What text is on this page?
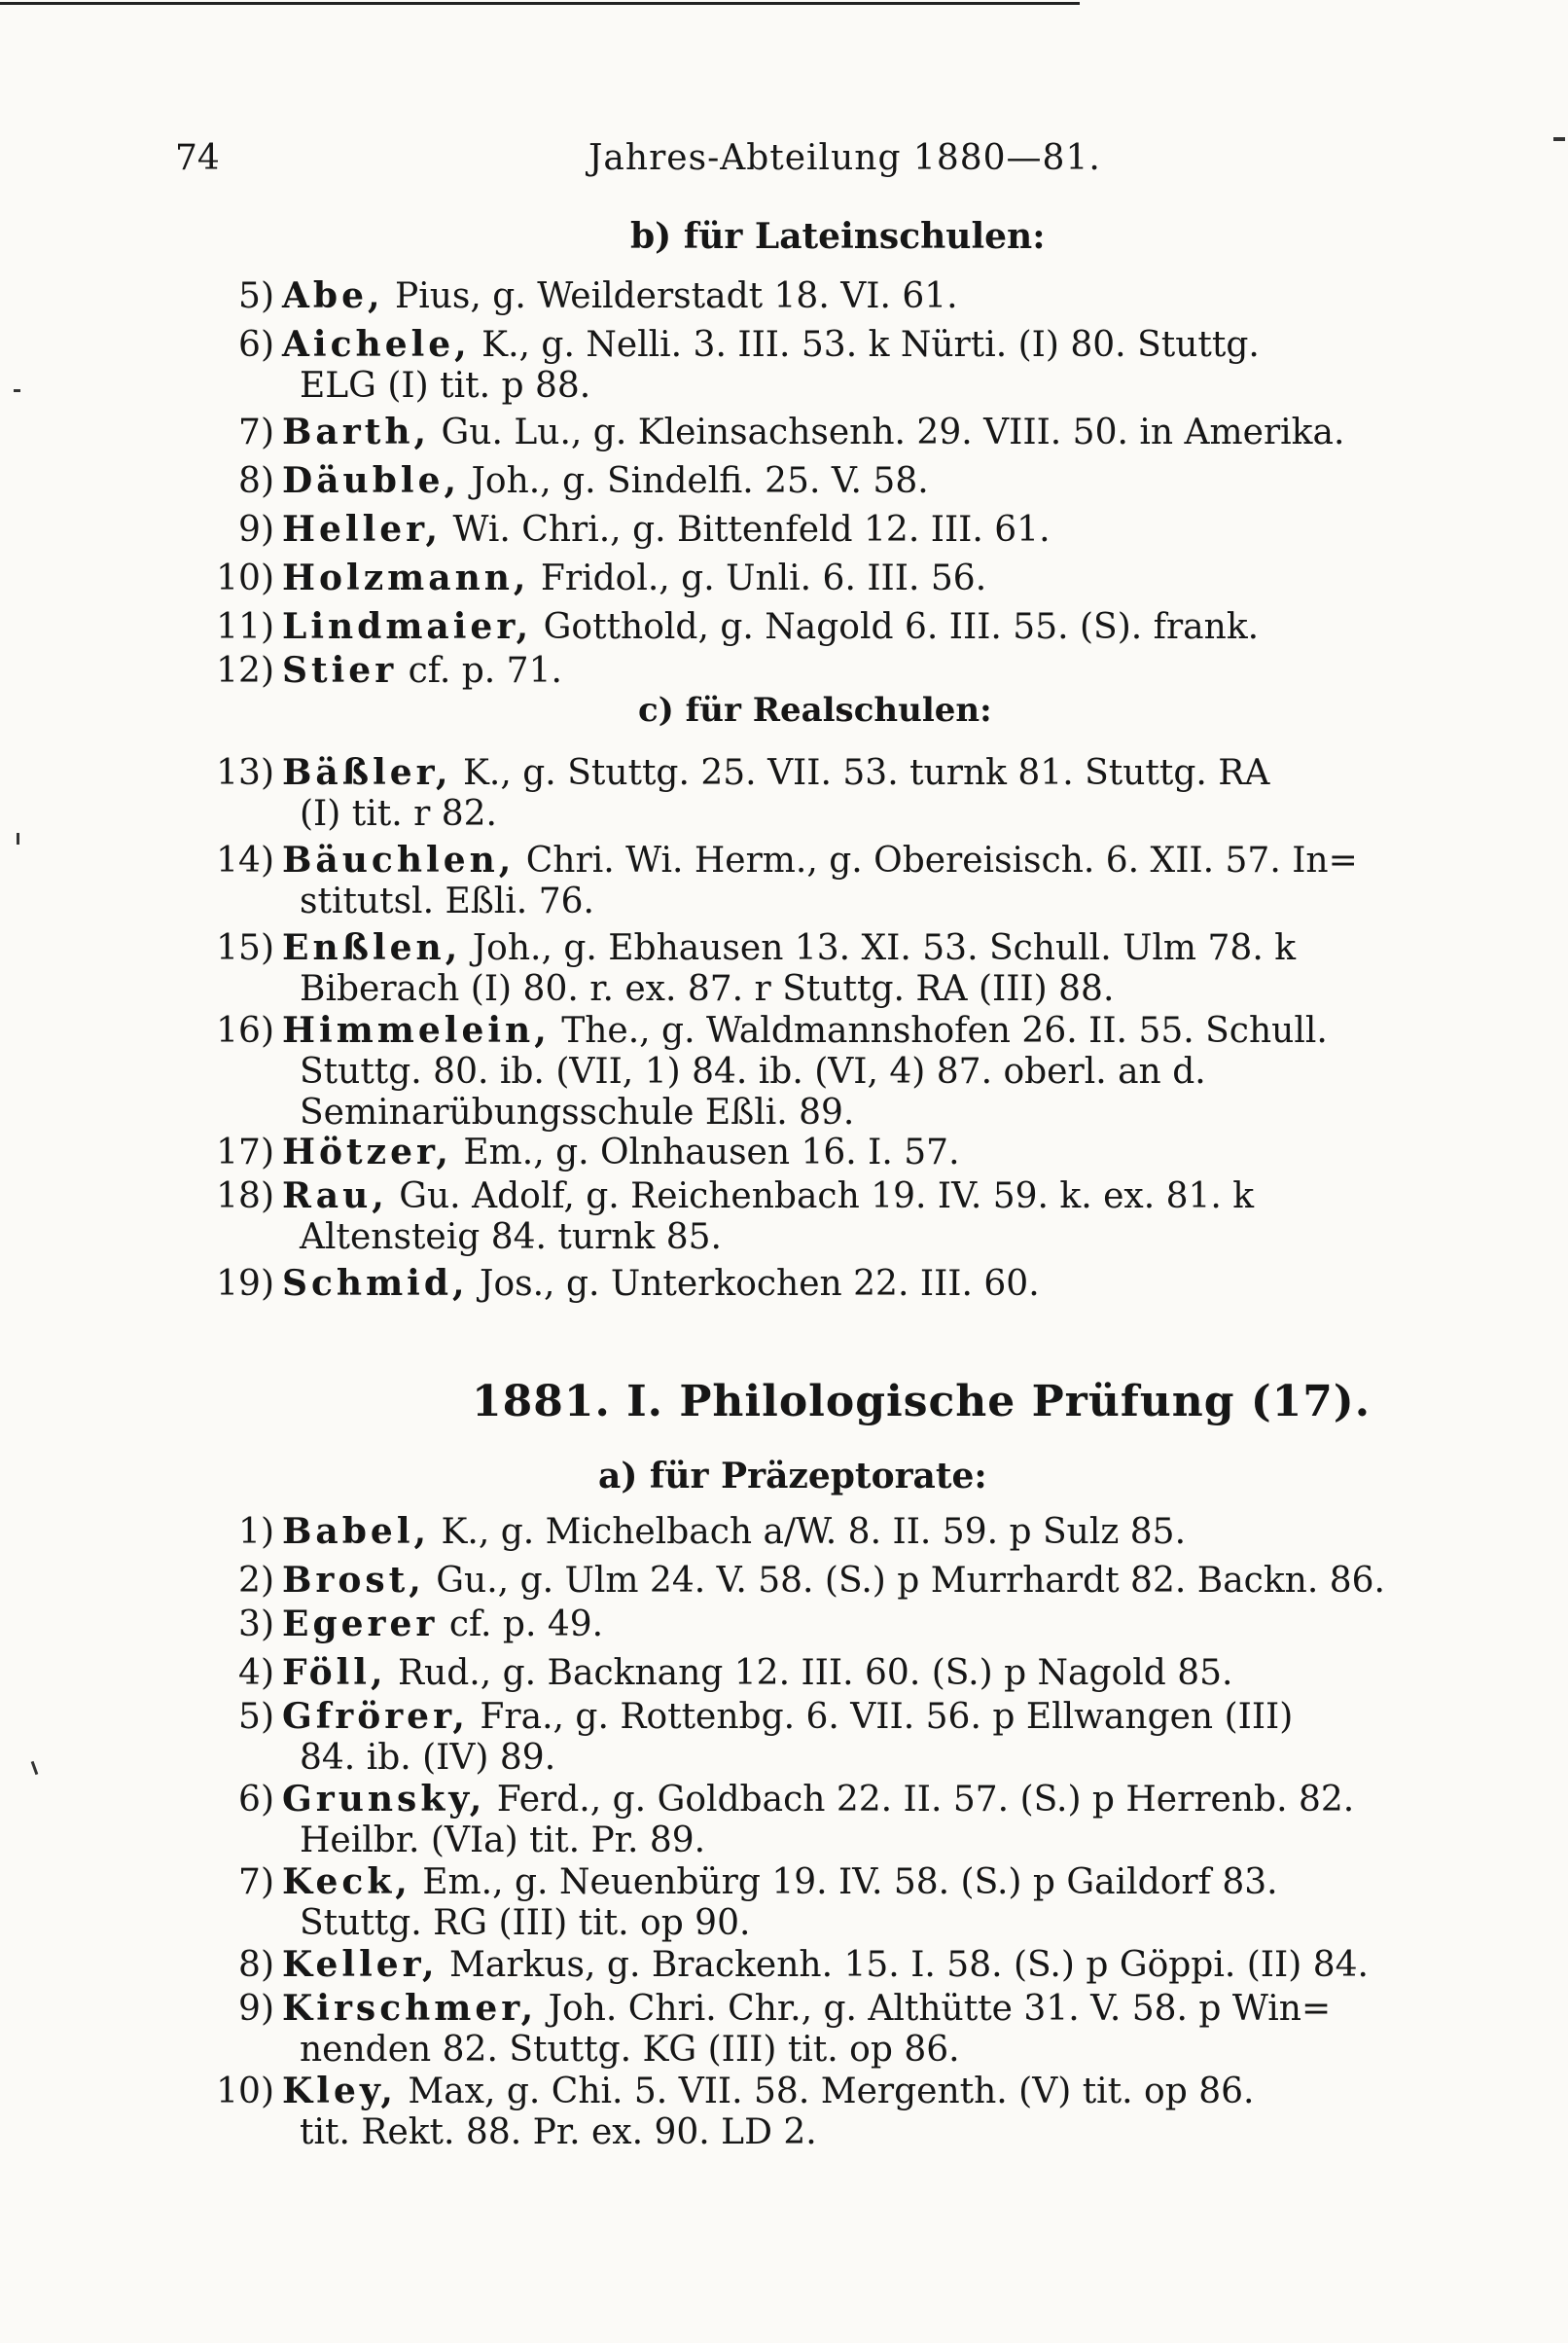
74	Jahres-Abteilung 1880—81.
b) für Lateinschulen:
5) Abe, Pius, g. Weilderstadt 18. VI. 61.
6) Aichele, K., g. Nelli. 3. III. 53. k Nürti. (I) 80. Stuttg.
ELG (I) tit. p 88.
7) Barth, Gu. Lu., g. Kleinsachsenh. 29. VIII. 50. in Amerika.
8) Däuble, Joh., g. Sindelfi. 25. V. 58.
9) Heller, Wi. Chri., g. Bittenfeld 12. III. 61.
10) Holzmann, Fridol., g. Unli. 6. III. 56.
11) Lindmaier, Gotthold, g. Nagold 6. III. 55. (S). frank.
12) Stier cf. p. 71.
c) für Realschulen:
13) Bäßler, K., g. Stuttg. 25. VII. 53. turnk 81. Stuttg. RA
(I) tit. r 82.
14) Bäuchlen, Chri. Wi. Herm., g. Obereisisch. 6. XII. 57. In=
stitutsl. Eßli. 76.
15) Enßlen, Joh., g. Ebhausen 13. XI. 53. Schull. Ulm 78. k
Biberach (I) 80. r. ex. 87. r Stuttg. RA (III) 88.
16) Himmelein, The., g. Waldmannshofen 26. II. 55. Schull.
Stuttg. 80. ib. (VII, 1) 84. ib. (VI, 4) 87. oberl. an d.
Seminarübungsschule Eßli. 89.
17) Hötzer, Em., g. Olnhausen 16. I. 57.
18) Rau, Gu. Adolf, g. Reichenbach 19. IV. 59. k. ex. 81. k
Altensteig 84. turnk 85.
19) Schmid, Jos., g. Unterkochen 22. III. 60.
1881. I. Philologische Prüfung (17).
a) für Präzeptorate:
1) Babel, K., g. Michelbach a/W. 8. II. 59. p Sulz 85.
2) Brost, Gu., g. Ulm 24. V. 58. (S.) p Murrhardt 82. Backn. 86.
3) Egerer cf. p. 49.
4) Föll, Rud., g. Backnang 12. III. 60. (S.) p Nagold 85.
5) Gfrörer, Fra., g. Rottenbg. 6. VII. 56. p Ellwangen (III)
84. ib. (IV) 89.
6) Grunsky, Ferd., g. Goldbach 22. II. 57. (S.) p Herrenb. 82.
Heilbr. (VIa) tit. Pr. 89.
7) Keck, Em., g. Neuenbürg 19. IV. 58. (S.) p Gaildorf 83.
Stuttg. RG (III) tit. op 90.
8) Keller, Markus, g. Brackenh. 15. I. 58. (S.) p Göppi. (II) 84.
9) Kirschmer, Joh. Chri. Chr., g. Althütte 31. V. 58. p Win=
nenden 82. Stuttg. KG (III) tit. op 86.
10) Kley, Max, g. Chi. 5. VII. 58. Mergenth. (V) tit. op 86.
tit. Rekt. 88. Pr. ex. 90. LD 2.
